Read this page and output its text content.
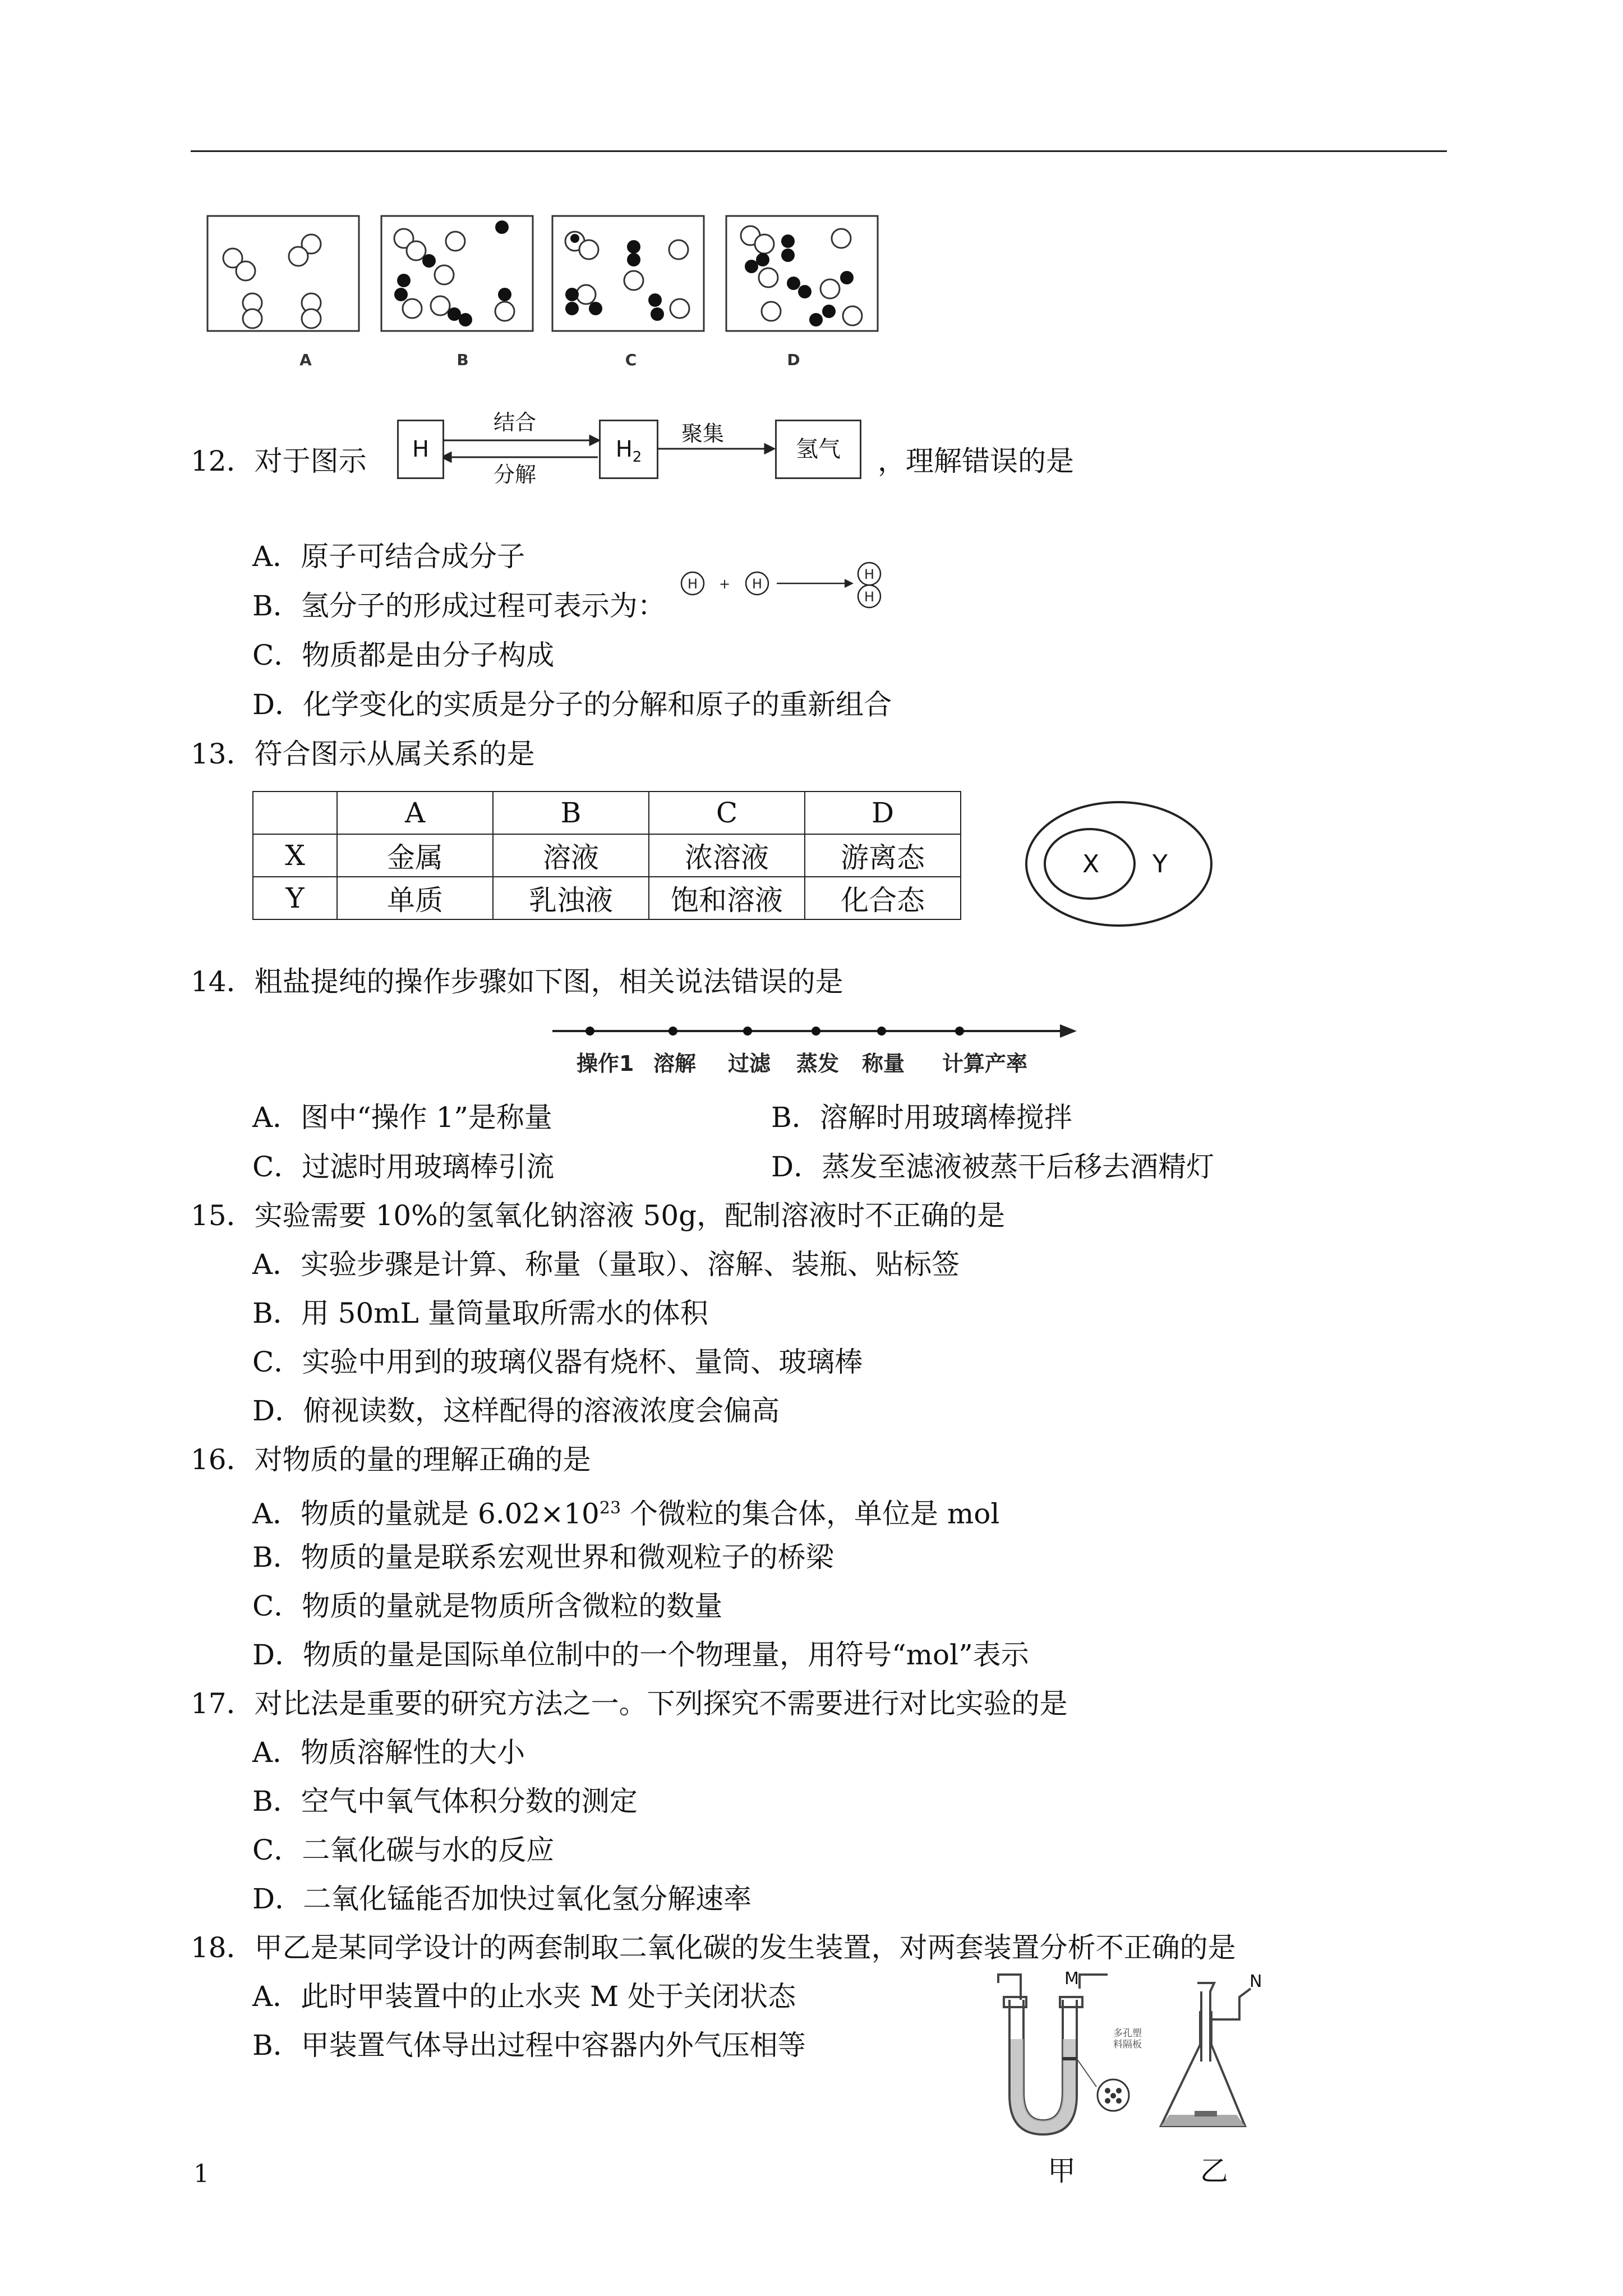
A	B	C	D
12．对于图示	H	$H_2$	氢气
结合
分解
聚集
，理解错误的是
A．原子可结合成分子
B．氢分子的形成过程可表示为：
H + H
H
H
C．物质都是由分子构成
D．化学变化的实质是分子的分解和原子的重新组合
13．符合图示从属关系的是
	A	B	C	D
X	金属	溶液	浓溶液	游离态
Y	单质	乳浊液	饱和溶液	化合态
X Y
14．粗盐提纯的操作步骤如下图，相关说法错误的是
操作1 溶解 过滤 蒸发 称量 计算产率
A．图中“操作 1”是称量	B．溶解时用玻璃棒搅拌
C．过滤时用玻璃棒引流	D．蒸发至滤液被蒸干后移去酒精灯
15．实验需要 10%的氢氧化钠溶液 50g，配制溶液时不正确的是
A．实验步骤是计算、称量（量取）、溶解、装瓶、贴标签
B．用 50mL 量筒量取所需水的体积
C．实验中用到的玻璃仪器有烧杯、量筒、玻璃棒
D．俯视读数，这样配得的溶液浓度会偏高
16．对物质的量的理解正确的是
A．物质的量就是 $6.02\times 10^{23}$ 个微粒的集合体，单位是 mol
B．物质的量是联系宏观世界和微观粒子的桥梁
C．物质的量就是物质所含微粒的数量
D．物质的量是国际单位制中的一个物理量，用符号“mol”表示
17．对比法是重要的研究方法之一。下列探究不需要进行对比实验的是
A．物质溶解性的大小
B．空气中氧气体积分数的测定
C．二氧化碳与水的反应
D．二氧化锰能否加快过氧化氢分解速率
18．甲乙是某同学设计的两套制取二氧化碳的发生装置，对两套装置分析不正确的是
A．此时甲装置中的止水夹 M 处于关闭状态
B．甲装置气体导出过程中容器内外气压相等
M	N
多孔塑料隔板
甲	乙
1
